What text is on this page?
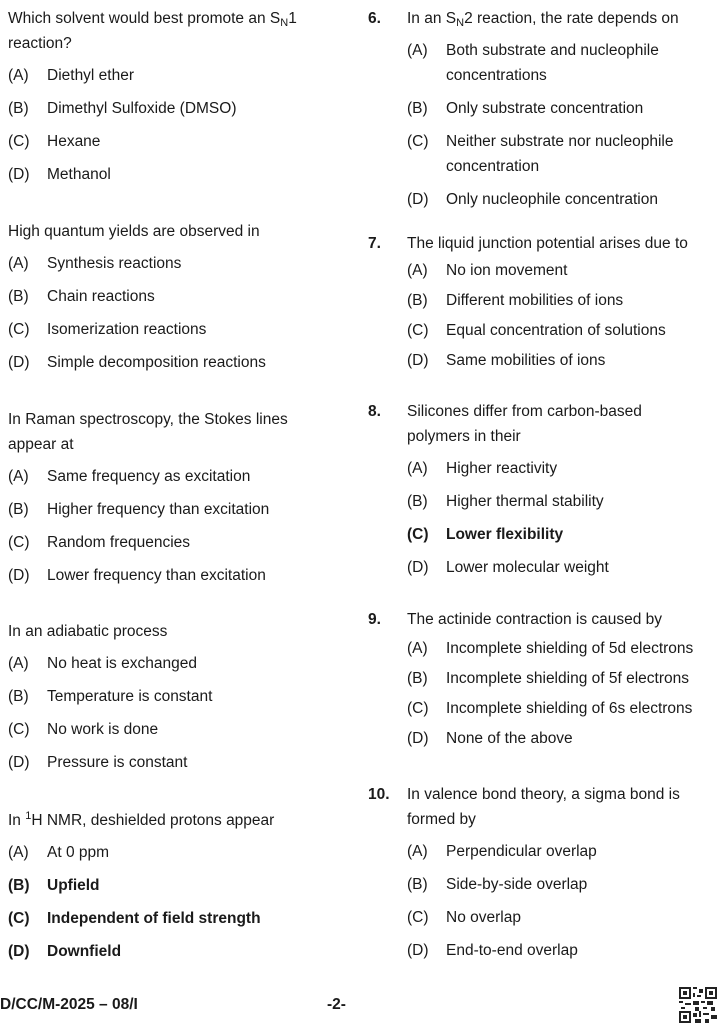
Which solvent would best promote an $S_N1$ reaction?
(A) Diethyl ether
(B) Dimethyl Sulfoxide (DMSO)
(C) Hexane
(D) Methanol
High quantum yields are observed in
(A) Synthesis reactions
(B) Chain reactions
(C) Isomerization reactions
(D) Simple decomposition reactions
In Raman spectroscopy, the Stokes lines appear at
(A) Same frequency as excitation
(B) Higher frequency than excitation
(C) Random frequencies
(D) Lower frequency than excitation
In an adiabatic process
(A) No heat is exchanged
(B) Temperature is constant
(C) No work is done
(D) Pressure is constant
In $^1$H NMR, deshielded protons appear
(A) At 0 ppm
(B) Upfield
(C) Independent of field strength
(D) Downfield
6.	In an $S_N2$ reaction, the rate depends on
(A) Both substrate and nucleophile concentrations
(B) Only substrate concentration
(C) Neither substrate nor nucleophile concentration
(D) Only nucleophile concentration
7.	The liquid junction potential arises due to
(A) No ion movement
(B) Different mobilities of ions
(C) Equal concentration of solutions
(D) Same mobilities of ions
8.	Silicones differ from carbon-based polymers in their
(A) Higher reactivity
(B) Higher thermal stability
(C) Lower flexibility
(D) Lower molecular weight
9.	The actinide contraction is caused by
(A) Incomplete shielding of 5d electrons
(B) Incomplete shielding of 5f electrons
(C) Incomplete shielding of 6s electrons
(D) None of the above
10.	In valence bond theory, a sigma bond is formed by
(A) Perpendicular overlap
(B) Side-by-side overlap
(C) No overlap
(D) End-to-end overlap
D/CC/M-2025 – 08/I	-2-
